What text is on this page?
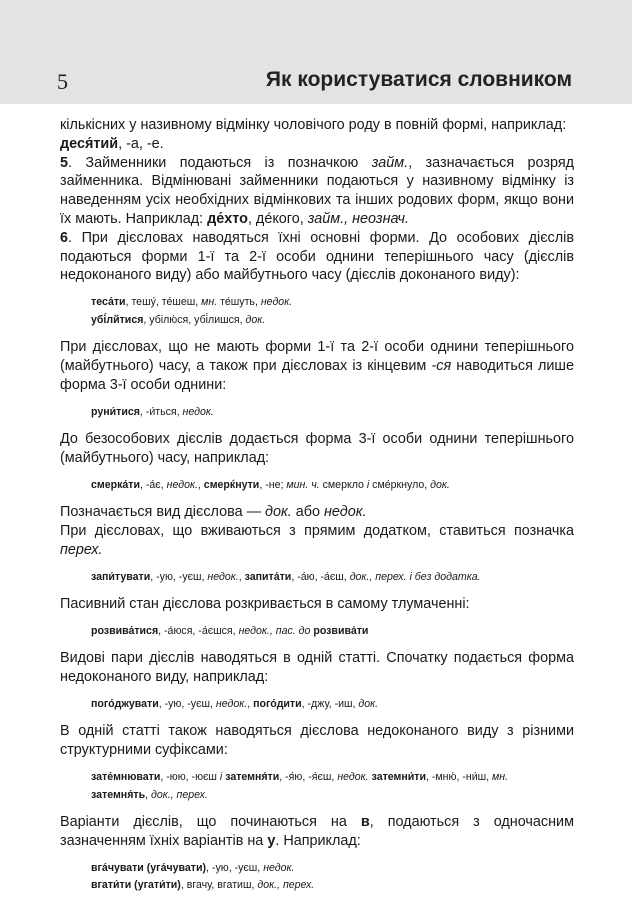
5	Як користуватися словником

кількісних у називному відмінку чоловічого роду в повній формі, наприклад:
деся́тий, -а, -е.

5. Займенники подаються із позначкою займ., зазначається розряд займенника. Відмінювані займенники подаються у називному відмінку із наведенням усіх необхідних відмінкових та інших родових форм, якщо вони їх мають. Наприклад: де́хто, де́кого, займ., неознач.

6. При дієсловах наводяться їхні основні форми. До особових дієслів подаються форми 1-ї та 2-ї особи однини теперішнього часу (дієслів недоконаного виду) або майбутнього часу (дієслів доконаного виду):

теса́ти, тешу́, те́шеш, мн. те́шуть, недок.
убі́лйтися, убілю́ся, убі́лишся, док.

При дієсловах, що не мають форми 1-ї та 2-ї особи однини теперішнього (майбутнього) часу, а також при дієсловах із кінцевим -ся наводиться лише форма 3-ї особи однини:

руни́тися, -и́ться, недок.

До безособових дієслів додається форма 3-ї особи однини теперішнього (майбутнього) часу, наприклад:

смерка́ти, -а́є, недок., смерќнути, -не; мин. ч. смеркло і сме́ркнуло, док.

Позначається вид дієслова — док. або недок.

При дієсловах, що вживаються з прямим додатком, ставиться позначка перех.

запи́тувати, -ую, -уєш, недок., запита́ти, -а́ю, -а́єш, док., перех. і без додатка.

Пасивний стан дієслова розкривається в самому тлумаченні:

розвива́тися, -а́юся, -а́єшся, недок., пас. до розвива́ти

Видові пари дієслів наводяться в одній статті. Спочатку подається форма недоконаного виду, наприклад:

пого́джувати, -ую, -уєш, недок., пого́дити, -джу, -иш, док.

В одній статті також наводяться дієслова недоконаного виду з різними структурними суфіксами:

зате́мнювати, -юю, -юєш і затемня́ти, -я́ю, -я́єш, недок. затемни́ти, -мню́, -ни́ш, мн.
затемня́ть, док., перех.

Варіанти дієслів, що починаються на в, подаються з одночасним зазначенням їхніх варіантів на у. Наприклад:

вга́чувати (уга́чувати), -ую, -уєш, недок.
вгати́ти (угати́ти), вгачу, вгатиш, док., перех.
